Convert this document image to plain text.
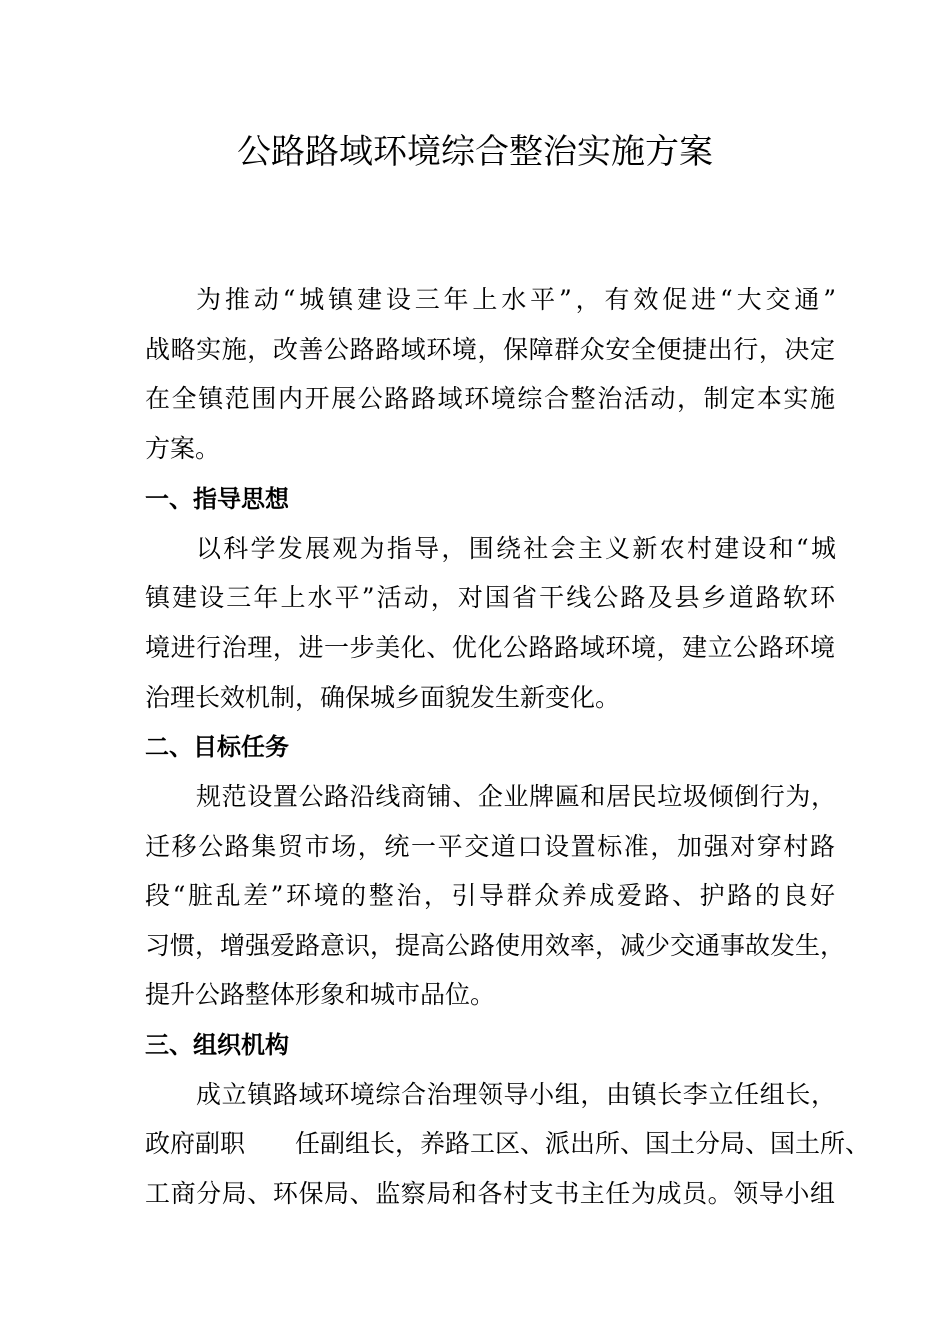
公路路域环境综合整治实施方案
为推动“城镇建设三年上水平”，有效促进“大交通”
战略实施，改善公路路域环境，保障群众安全便捷出行，决定
在全镇范围内开展公路路域环境综合整治活动，制定本实施
方案。
一、指导思想
以科学发展观为指导，围绕社会主义新农村建设和“城
镇建设三年上水平”活动，对国省干线公路及县乡道路软环
境进行治理，进一步美化、优化公路路域环境，建立公路环境
治理长效机制，确保城乡面貌发生新变化。
二、目标任务
规范设置公路沿线商铺、企业牌匾和居民垃圾倾倒行为，
迁移公路集贸市场，统一平交道口设置标准，加强对穿村路
段“脏乱差”环境的整治，引导群众养成爱路、护路的良好
习惯，增强爱路意识，提高公路使用效率，减少交通事故发生，
提升公路整体形象和城市品位。
三、组织机构
成立镇路域环境综合治理领导小组，由镇长李立任组长，
政府副职　　任副组长，养路工区、派出所、国土分局、国土所、
工商分局、环保局、监察局和各村支书主任为成员。领导小组
